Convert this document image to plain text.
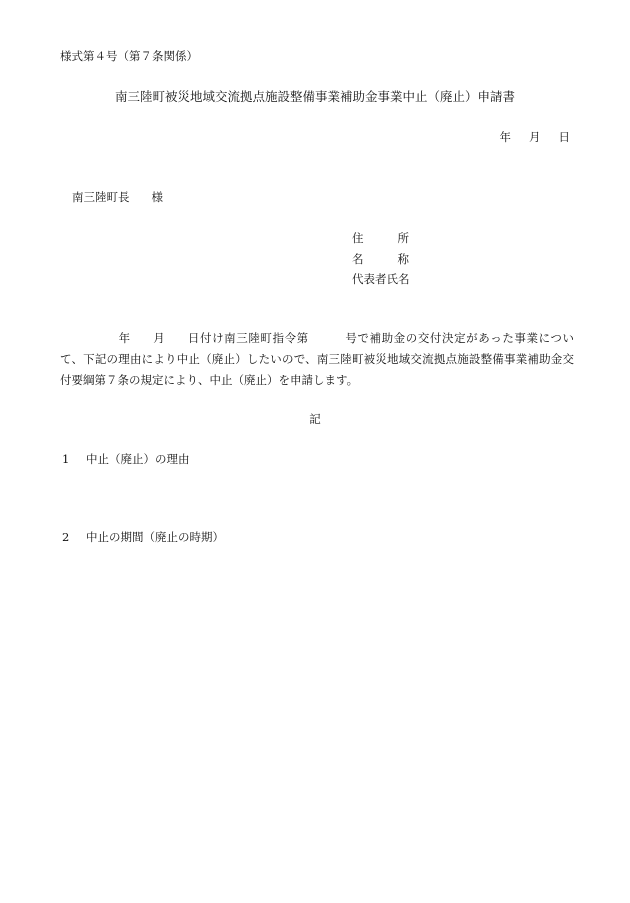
様式第４号（第７条関係）
南三陸町被災地域交流拠点施設整備事業補助金事業中止（廃止）申請書
年 月 日
南三陸町長 様
住	所
名	称
代表者氏名
年 月 日付け南三陸町指令第	号で補助金の交付決定があった事業について、下記の理由により中止（廃止）したいので、南三陸町被災地域交流拠点施設整備事業補助金交付要綱第７条の規定により、中止（廃止）を申請します。
記
1 中止（廃止）の理由
2 中止の期間（廃止の時期）
